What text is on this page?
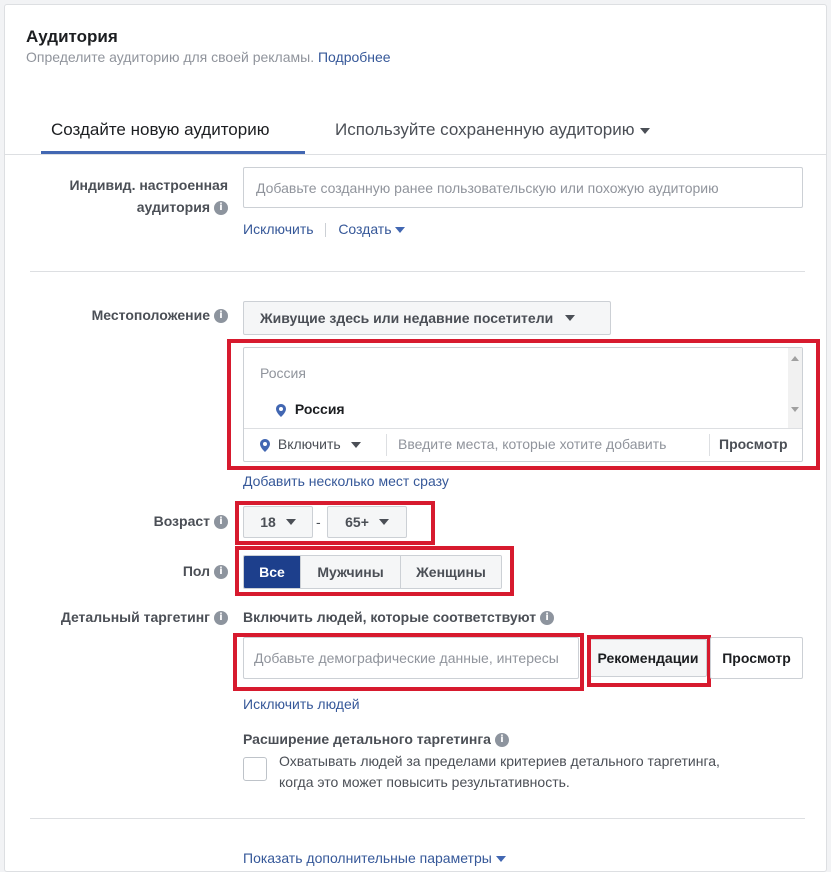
Аудитория
Определите аудиторию для своей рекламы. Подробнее
Создайте новую аудиторию	Используйте сохраненную аудиторию
Индивид. настроенная
аудитория i
Добавьте созданную ранее пользовательскую или похожую аудиторию
Исключить Создать
Местоположение i	Живущие здесь или недавние посетители
Россия
Россия
Включить	Введите места, которые хотите добавить	Просмотр
Добавить несколько мест сразу
Возраст i	18	- 65+
Пол i	Все	Мужчины	Женщины
Детальный таргетинг i	Включить людей, которые соответствуют i
Добавьте демографические данные, интересы	Рекомендации	Просмотр
Исключить людей
Расширение детального таргетинга i
Охватывать людей за пределами критериев детального таргетинга,
когда это может повысить результативность.
Показать дополнительные параметры
